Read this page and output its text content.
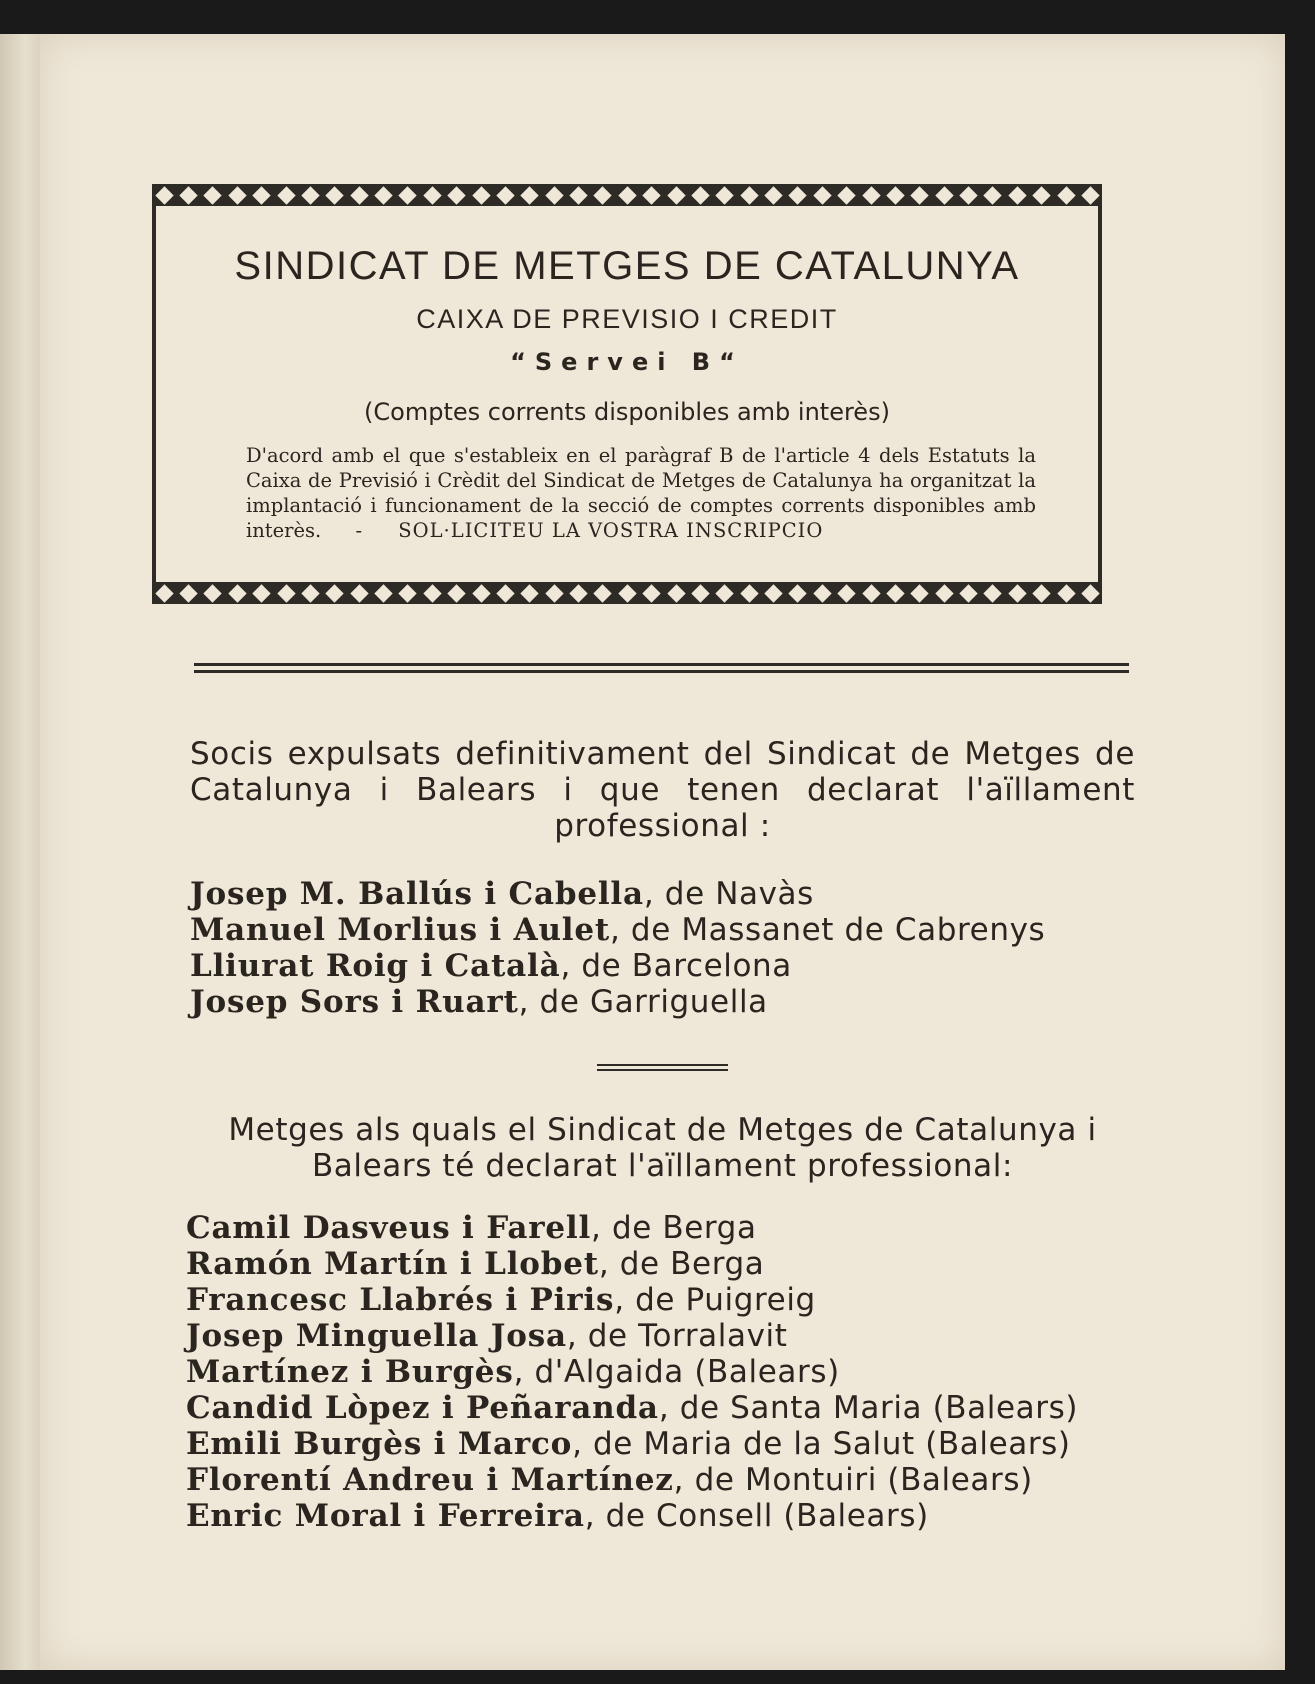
SINDICAT DE METGES DE CATALUNYA
CAIXA DE PREVISIO I CREDIT
“Servei B“
(Comptes corrents disponibles amb interès)
D'acord amb el que s'estableix en el paràgraf B de l'article 4 dels Estatuts la Caixa de Previsió i Crèdit del Sindicat de Metges de Catalunya ha organitzat la implantació i funcionament de la secció de comptes corrents disponibles amb interès. - SOL·LICITEU LA VOSTRA INSCRIPCIO
Socis expulsats definitivament del Sindicat de Metges de Catalunya i Balears i que tenen declarat l'aïllament professional :
Josep M. Ballús i Cabella, de Navàs
Manuel Morlius i Aulet, de Massanet de Cabrenys
Lliurat Roig i Català, de Barcelona
Josep Sors i Ruart, de Garriguella
Metges als quals el Sindicat de Metges de Catalunya i Balears té declarat l'aïllament professional:
Camil Dasveus i Farell, de Berga
Ramón Martín i Llobet, de Berga
Francesc Llabrés i Piris, de Puigreig
Josep Minguella Josa, de Torralavit
Martínez i Burgès, d'Algaida (Balears)
Candid Lòpez i Peñaranda, de Santa Maria (Balears)
Emili Burgès i Marco, de Maria de la Salut (Balears)
Florentí Andreu i Martínez, de Montuiri (Balears)
Enric Moral i Ferreira, de Consell (Balears)
